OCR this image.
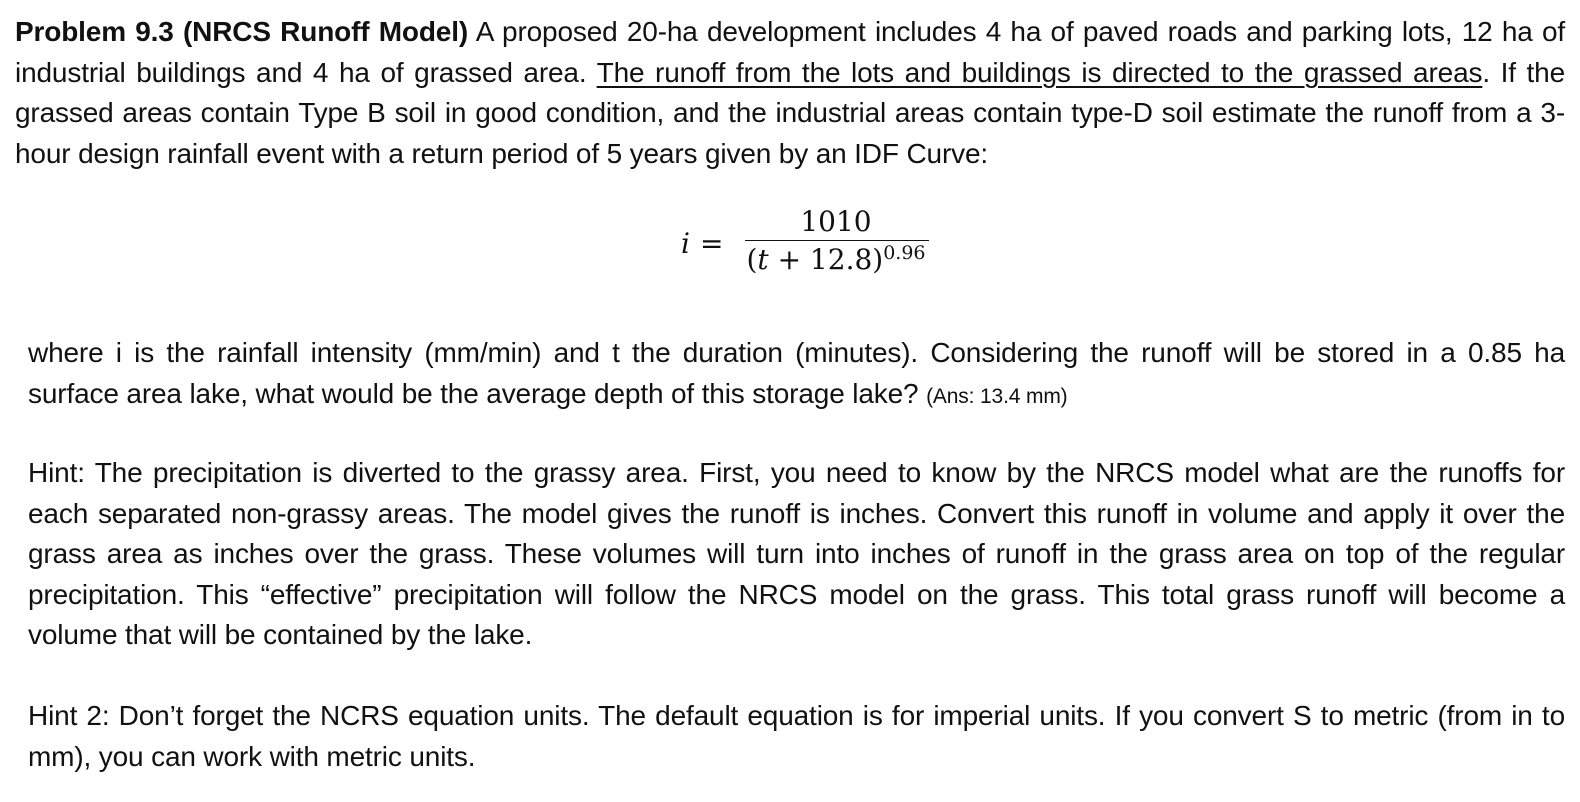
Problem 9.3 (NRCS Runoff Model) A proposed 20-ha development includes 4 ha of paved roads and parking lots, 12 ha of industrial buildings and 4 ha of grassed area. The runoff from the lots and buildings is directed to the grassed areas. If the grassed areas contain Type B soil in good condition, and the industrial areas contain type-D soil estimate the runoff from a 3-hour design rainfall event with a return period of 5 years given by an IDF Curve:

i =
1010
$(t + 12.8)^{0.96}$

where i is the rainfall intensity (mm/min) and t the duration (minutes). Considering the runoff will be stored in a 0.85 ha surface area lake, what would be the average depth of this storage lake? (Ans: 13.4 mm)

Hint: The precipitation is diverted to the grassy area. First, you need to know by the NRCS model what are the runoffs for each separated non-grassy areas. The model gives the runoff is inches. Convert this runoff in volume and apply it over the grass area as inches over the grass. These volumes will turn into inches of runoff in the grass area on top of the regular precipitation. This “effective” precipitation will follow the NRCS model on the grass. This total grass runoff will become a volume that will be contained by the lake.

Hint 2: Don’t forget the NCRS equation units. The default equation is for imperial units. If you convert S to metric (from in to mm), you can work with metric units.
